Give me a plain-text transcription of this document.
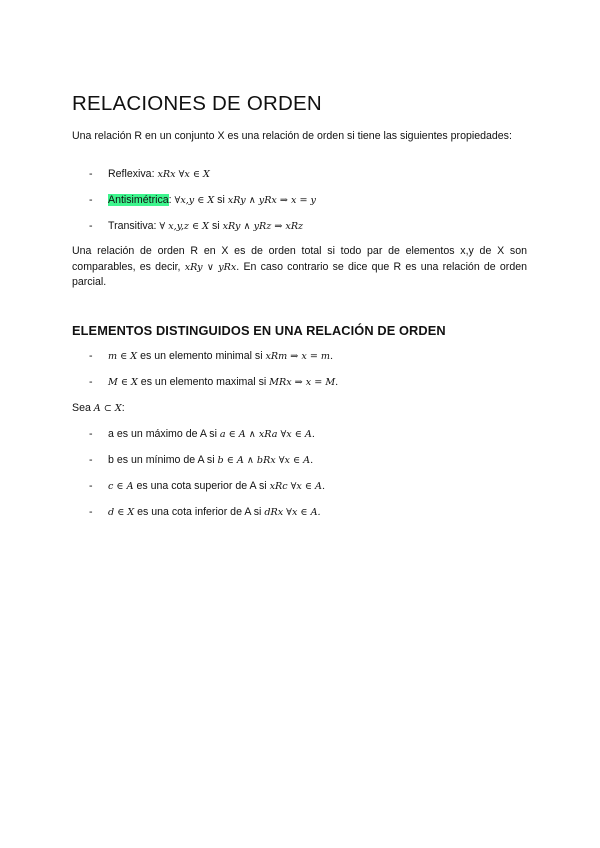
RELACIONES DE ORDEN

Una relación R en un conjunto X es una relación de orden si tiene las siguientes propiedades:

- Reflexiva: xRx ∀x ∈ X
- Antisimétrica: ∀x,y ∈ X si xRy ∧ yRx ⇒ x = y
- Transitiva: ∀ x,y,z ∈ X si xRy ∧ yRz ⇒ xRz

Una relación de orden R en X es de orden total si todo par de elementos x,y de X son comparables, es decir, xRy ∨ yRx. En caso contrario se dice que R es una relación de orden parcial.

ELEMENTOS DISTINGUIDOS EN UNA RELACIÓN DE ORDEN
- m ∈ X es un elemento minimal si xRm ⇒ x = m.
- M ∈ X es un elemento maximal si MRx ⇒ x = M.

Sea A ⊂ X:

- a es un máximo de A si a ∈ A ∧ xRa ∀x ∈ A.
- b es un mínimo de A si b ∈ A ∧ bRx ∀x ∈ A.
- c ∈ A es una cota superior de A si xRc ∀x ∈ A.
- d ∈ X es una cota inferior de A si dRx ∀x ∈ A.
